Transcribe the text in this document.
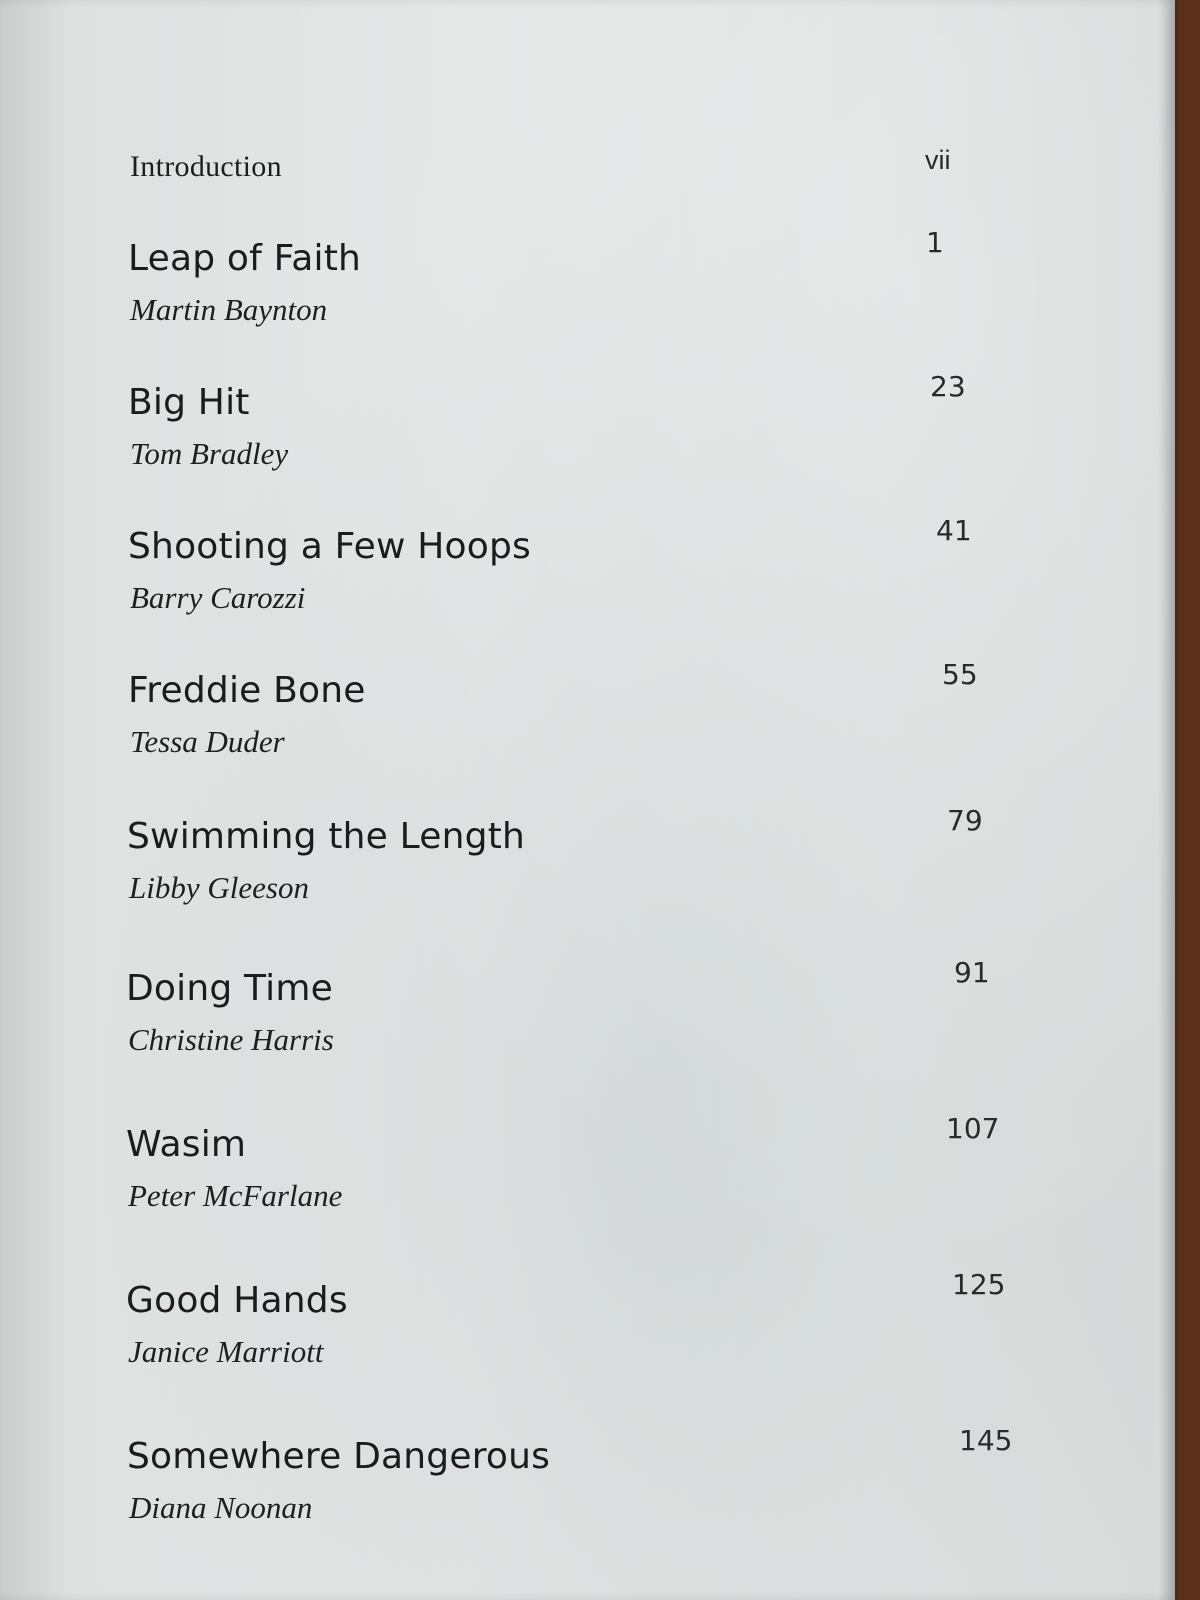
Introduction	vii
Leap of Faith
Martin Baynton
1
Big Hit
Tom Bradley
23
Shooting a Few Hoops
Barry Carozzi
41
Freddie Bone
Tessa Duder
55
Swimming the Length
Libby Gleeson
79
Doing Time
Christine Harris
91
Wasim
Peter McFarlane
107
Good Hands
Janice Marriott
125
Somewhere Dangerous
Diana Noonan
145
